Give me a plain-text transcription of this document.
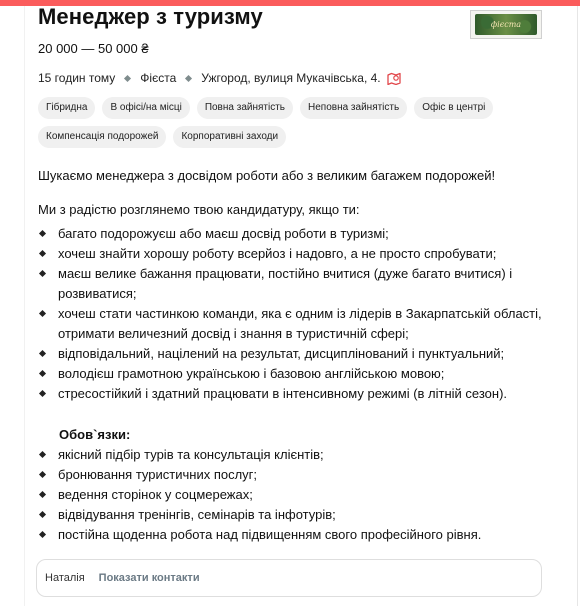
Менеджер з туризму	фієста
20 000 — 50 000 ₴
15 годин тому Фієста Ужгород, вулиця Мукачівська, 4.
Гібридна	В офісі/на місці	Повна зайнятість	Неповна зайнятість	Офіс в центрі
Компенсація подорожей	Корпоративні заходи
Шукаємо менеджера з досвідом роботи або з великим багажем подорожей!
Ми з радістю розглянемо твою кандидатуру, якщо ти:
багато подорожуєш або маєш досвід роботи в туризмі;
хочеш знайти хорошу роботу всерйоз і надовго, а не просто спробувати;
маєш велике бажання працювати, постійно вчитися (дуже багато вчитися) і розвиватися;
хочеш стати частинкою команди, яка є одним із лідерів в Закарпатській області, отримати величезний досвід і знання в туристичній сфері;
відповідальний, націлений на результат, дисциплінований і пунктуальний;
володієш грамотною українською і базовою англійською мовою;
стресостійкий і здатний працювати в інтенсивному режимі (в літній сезон).
Обов`язки:
якісний підбір турів та консультація клієнтів;
бронювання туристичних послуг;
ведення сторінок у соцмережах;
відвідування тренінгів, семінарів та інфотурів;
постійна щоденна робота над підвищенням свого професійного рівня.
Наталія Показати контакти
